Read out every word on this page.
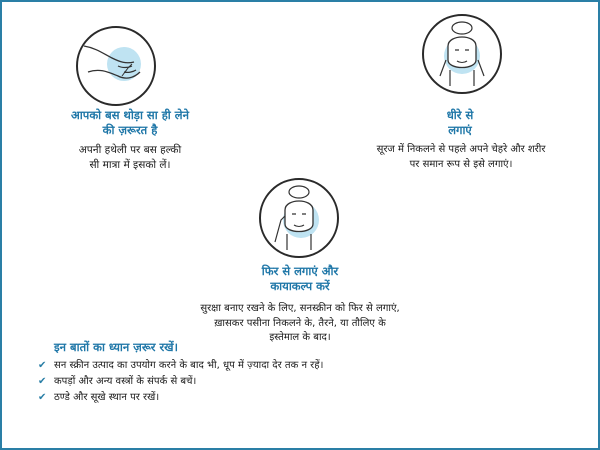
आपको बस थोड़ा सा ही लेने
की ज़रूरत है
अपनी हथेली पर बस हल्की
सी मात्रा में इसको लें।
धीरे से
लगाएं
सूरज में निकलने से पहले अपने चेहरे और शरीर
पर समान रूप से इसे लगाएं।
फिर से लगाएं और
कायाकल्प करें
सुरक्षा बनाए रखने के लिए, सनस्क्रीन को फिर से लगाएं,
ख़ासकर पसीना निकलने के, तैरने, या तौलिए के
इस्तेमाल के बाद।
इन बातों का ध्यान ज़रूर रखें।
✔ सन स्क्रीन उत्पाद का उपयोग करने के बाद भी, धूप में ज़्यादा देर तक न रहें।
✔ कपड़ों और अन्य वस्त्रों के संपर्क से बचें।
✔ ठण्डे और सूखे स्थान पर रखें।
